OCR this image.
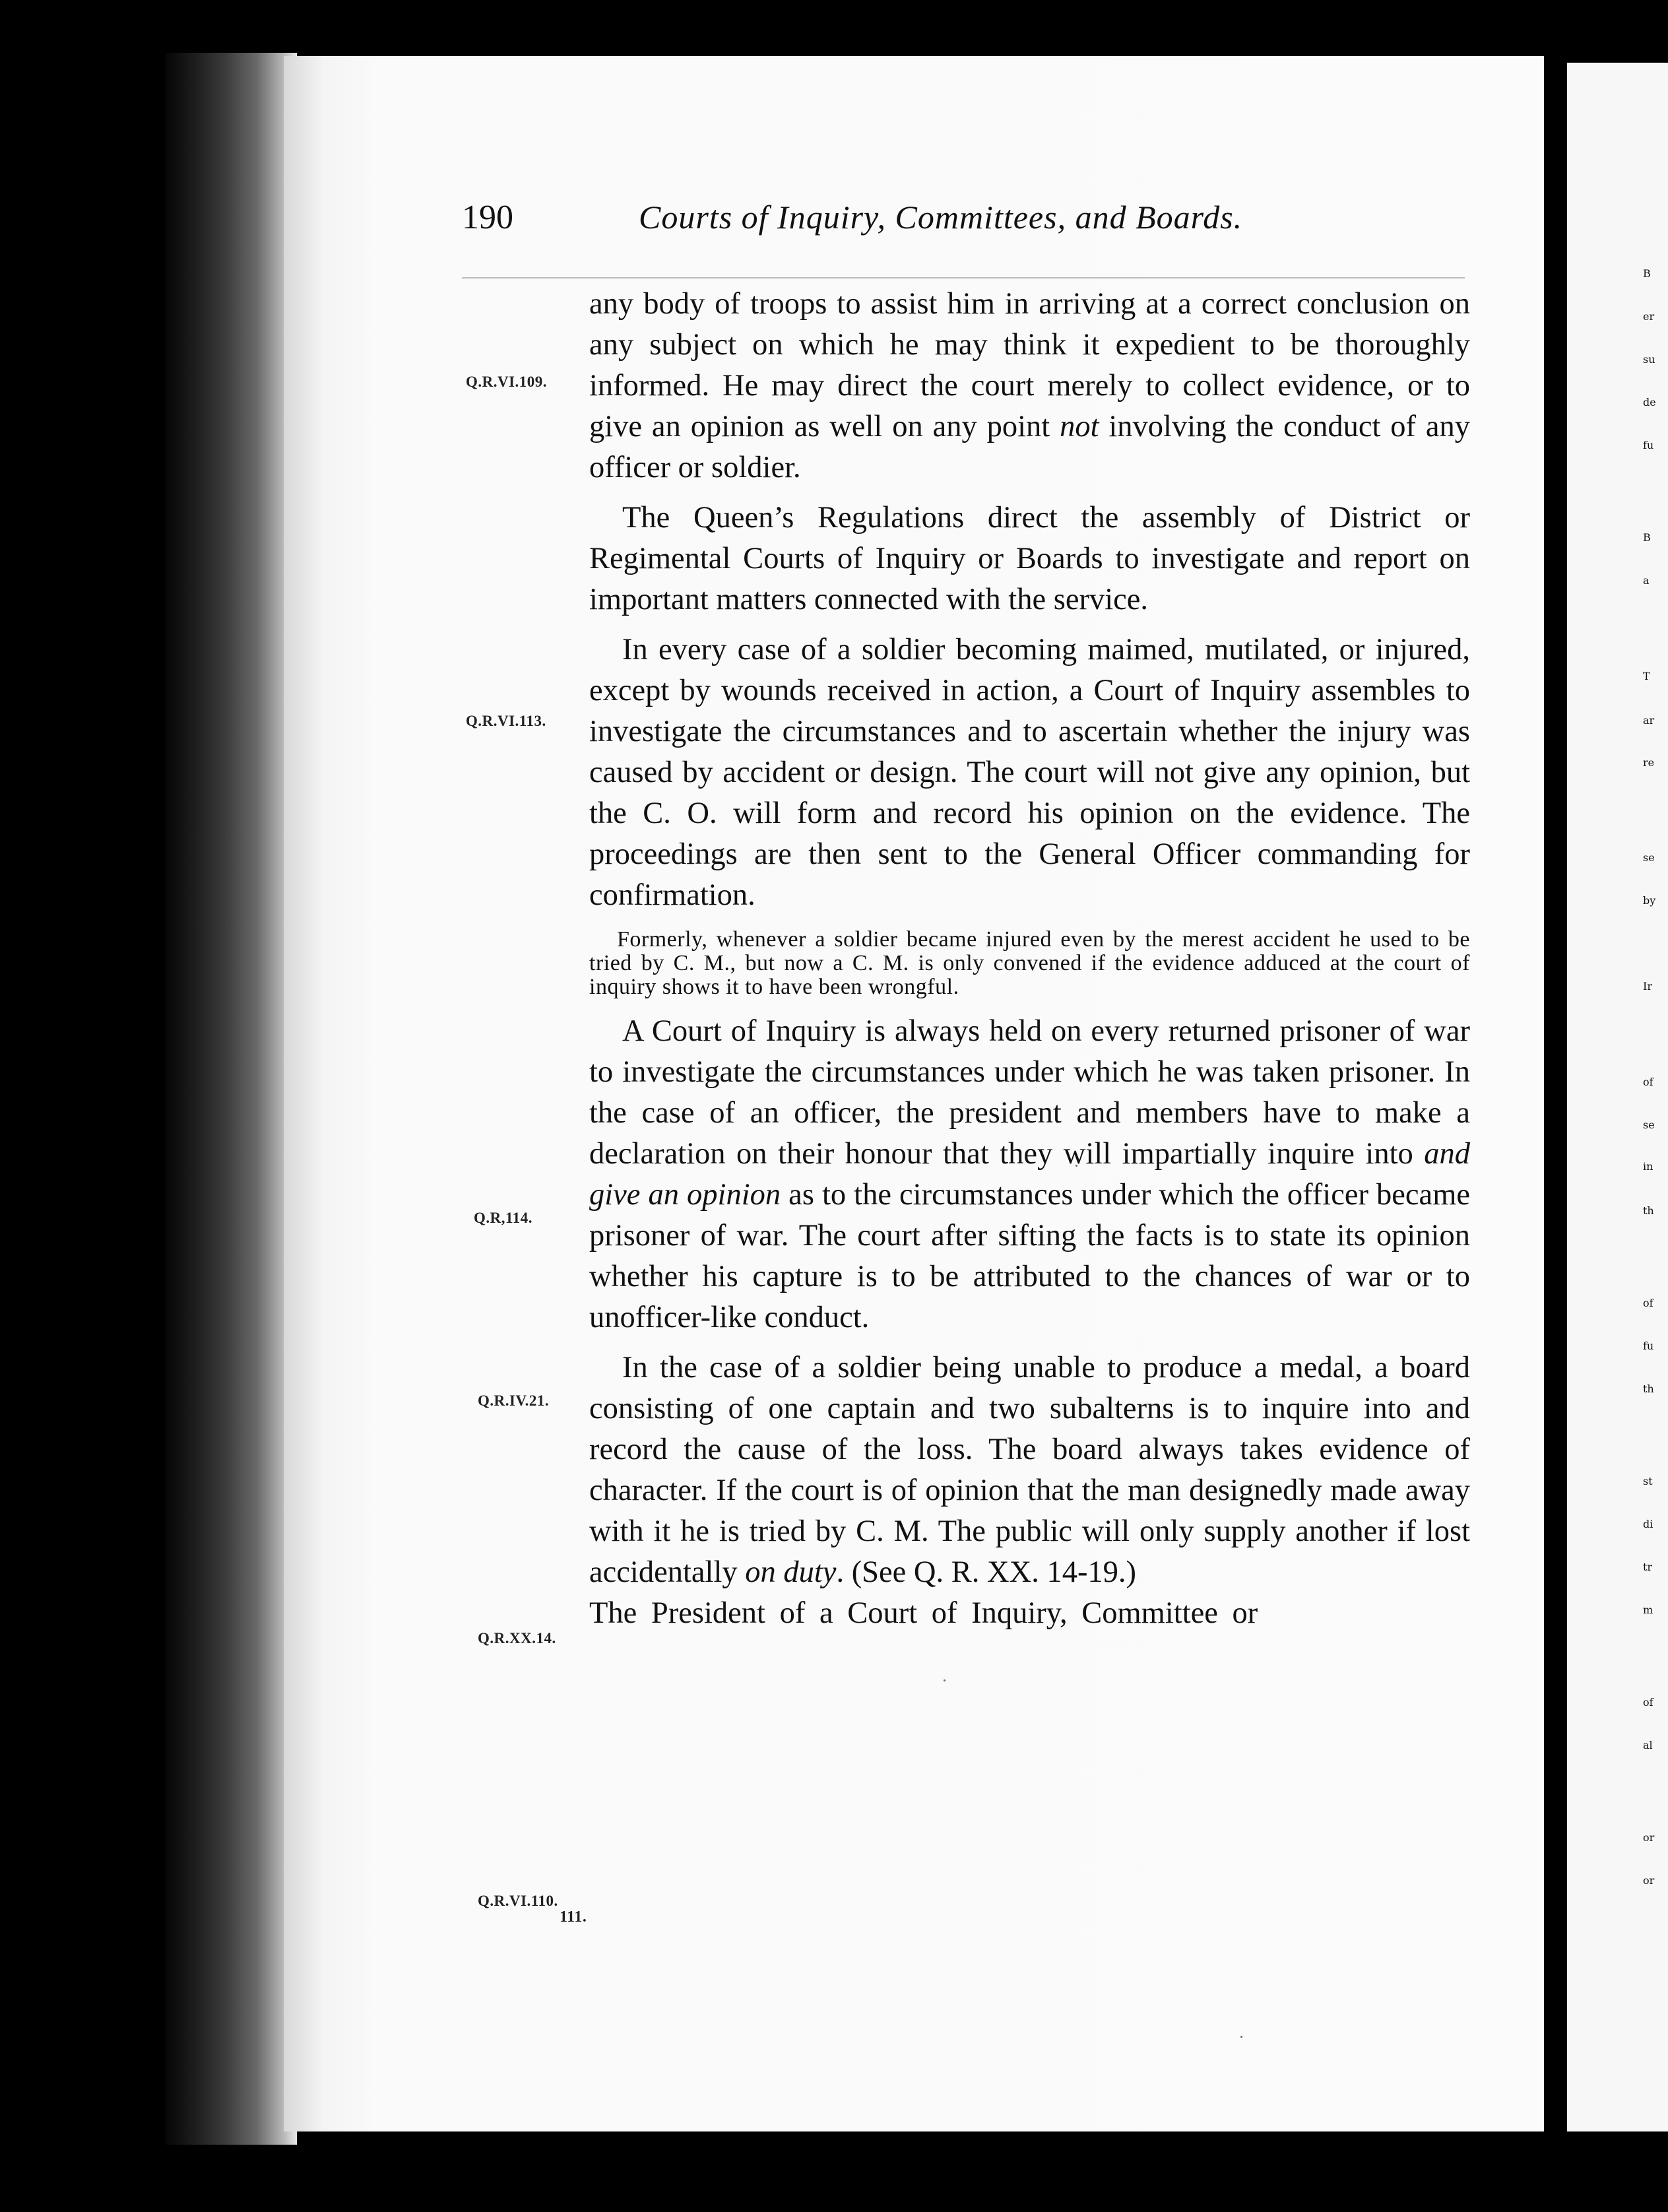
190	Courts of Inquiry, Committees, and Boards.
Q.R.VI.109.
Q.R.VI.113.
Q.R,114.
Q.R.IV.21.
Q.R.XX.14.
Q.R.VI.110.
111.

any body of troops to assist him in arriving at a correct conclusion on any subject on which he may think it expedient to be thoroughly informed. He may direct the court merely to collect evidence, or to give an opinion as well on any point not involving the conduct of any officer or soldier.

The Queen’s Regulations direct the assembly of District or Regimental Courts of Inquiry or Boards to investigate and report on important matters connected with the service.

In every case of a soldier becoming maimed, mutilated, or injured, except by wounds received in action, a Court of Inquiry assembles to investigate the circumstances and to ascertain whether the injury was caused by accident or design. The court will not give any opinion, but the C. O. will form and record his opinion on the evidence. The proceedings are then sent to the General Officer commanding for confirmation.

Formerly, whenever a soldier became injured even by the merest accident he used to be tried by C. M., but now a C. M. is only convened if the evidence adduced at the court of inquiry shows it to have been wrongful.

A Court of Inquiry is always held on every returned prisoner of war to investigate the circumstances under which he was taken prisoner. In the case of an officer, the president and members have to make a declaration on their honour that they will impartially inquire into and give an opinion as to the circumstances under which the officer became prisoner of war. The court after sifting the facts is to state its opinion whether his capture is to be attributed to the chances of war or to unofficer-like conduct.

In the case of a soldier being unable to produce a medal, a board consisting of one captain and two subalterns is to inquire into and record the cause of the loss. The board always takes evidence of character. If the court is of opinion that the man designedly made away with it he is tried by C. M. The public will only supply another if lost accidentally on duty. (See Q. R. XX. 14-19.)

The President of a Court of Inquiry, Committee or

B
er
su
de
fu
B
a
T
ar
re
se
by
Ir
of
se
in
th
of
fu
th
st
di
tr
m
of
al
or
or
